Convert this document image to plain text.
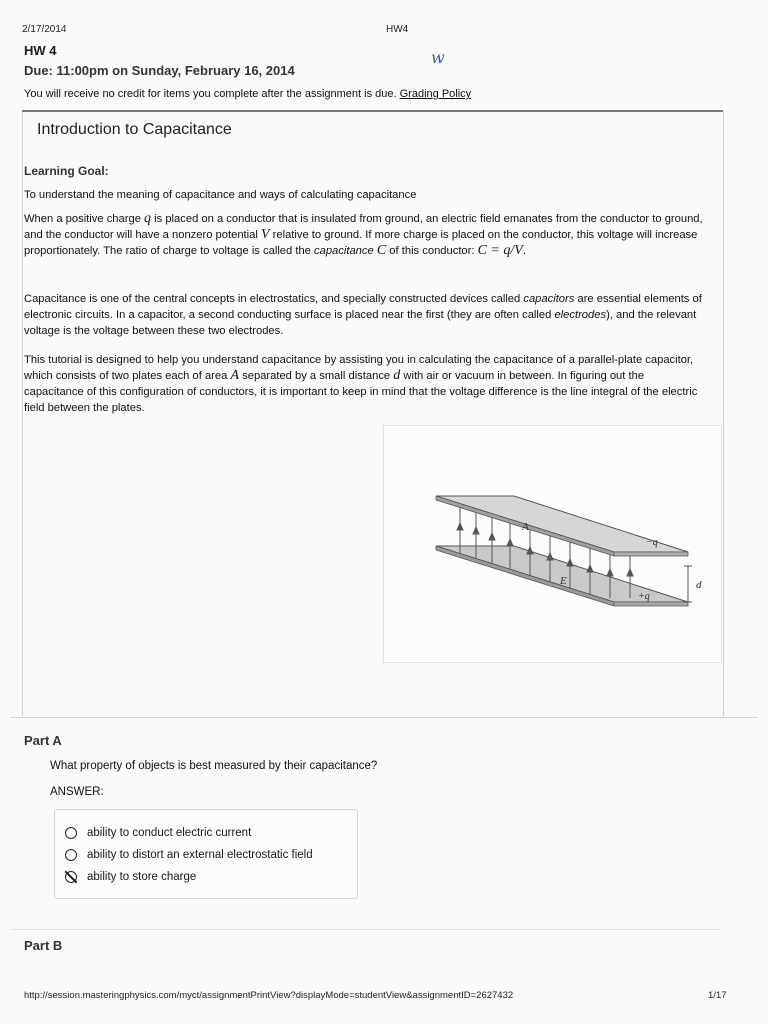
2/17/2014	HW4
HW 4	w
Due: 11:00pm on Sunday, February 16, 2014
You will receive no credit for items you complete after the assignment is due. Grading Policy
Introduction to Capacitance
Learning Goal:
To understand the meaning of capacitance and ways of calculating capacitance
When a positive charge q is placed on a conductor that is insulated from ground, an electric field emanates from the conductor to ground, and the conductor will have a nonzero potential V relative to ground. If more charge is placed on the conductor, this voltage will increase proportionately. The ratio of charge to voltage is called the capacitance C of this conductor: C = q/V.
Capacitance is one of the central concepts in electrostatics, and specially constructed devices called capacitors are essential elements of electronic circuits. In a capacitor, a second conducting surface is placed near the first (they are often called electrodes), and the relevant voltage is the voltage between these two electrodes.
This tutorial is designed to help you understand capacitance by assisting you in calculating the capacitance of a parallel-plate capacitor, which consists of two plates each of area A separated by a small distance d with air or vacuum in between. In figuring out the capacitance of this configuration of conductors, it is important to keep in mind that the voltage difference is the line integral of the electric field between the plates.
A
−q
E
+q
d
Part A
What property of objects is best measured by their capacitance?
ANSWER:
ability to conduct electric current
ability to distort an external electrostatic field
ability to store charge
Part B
http://session.masteringphysics.com/myct/assignmentPrintView?displayMode=studentView&assignmentID=2627432	1/17
